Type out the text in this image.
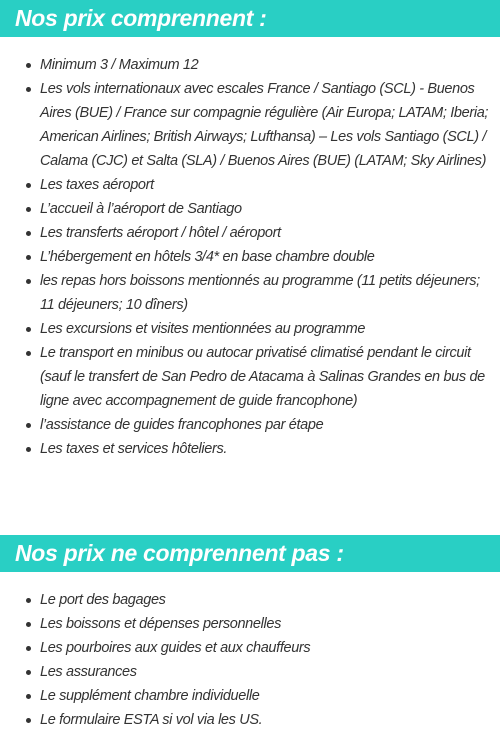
Nos prix comprennent :
Minimum 3 / Maximum 12
Les vols internationaux avec escales France / Santiago (SCL) - Buenos Aires (BUE) / France sur compagnie régulière (Air Europa; LATAM; Iberia; American Airlines; British Airways; Lufthansa) – Les vols Santiago (SCL) / Calama (CJC) et Salta (SLA) / Buenos Aires (BUE) (LATAM; Sky Airlines)
Les taxes aéroport
L’accueil à l’aéroport de Santiago
Les transferts aéroport / hôtel / aéroport
L’hébergement en hôtels 3/4* en base chambre double
les repas hors boissons mentionnés au programme (11 petits déjeuners; 11 déjeuners; 10 dîners)
Les excursions et visites mentionnées au programme
Le transport en minibus ou autocar privatisé climatisé pendant le circuit (sauf le transfert de San Pedro de Atacama à Salinas Grandes en bus de ligne avec accompagnement de guide francophone)
l’assistance de guides francophones par étape
Les taxes et services hôteliers.
Nos prix ne comprennent pas :
Le port des bagages
Les boissons et dépenses personnelles
Les pourboires aux guides et aux chauffeurs
Les assurances
Le supplément chambre individuelle
Le formulaire ESTA si vol via les US.
